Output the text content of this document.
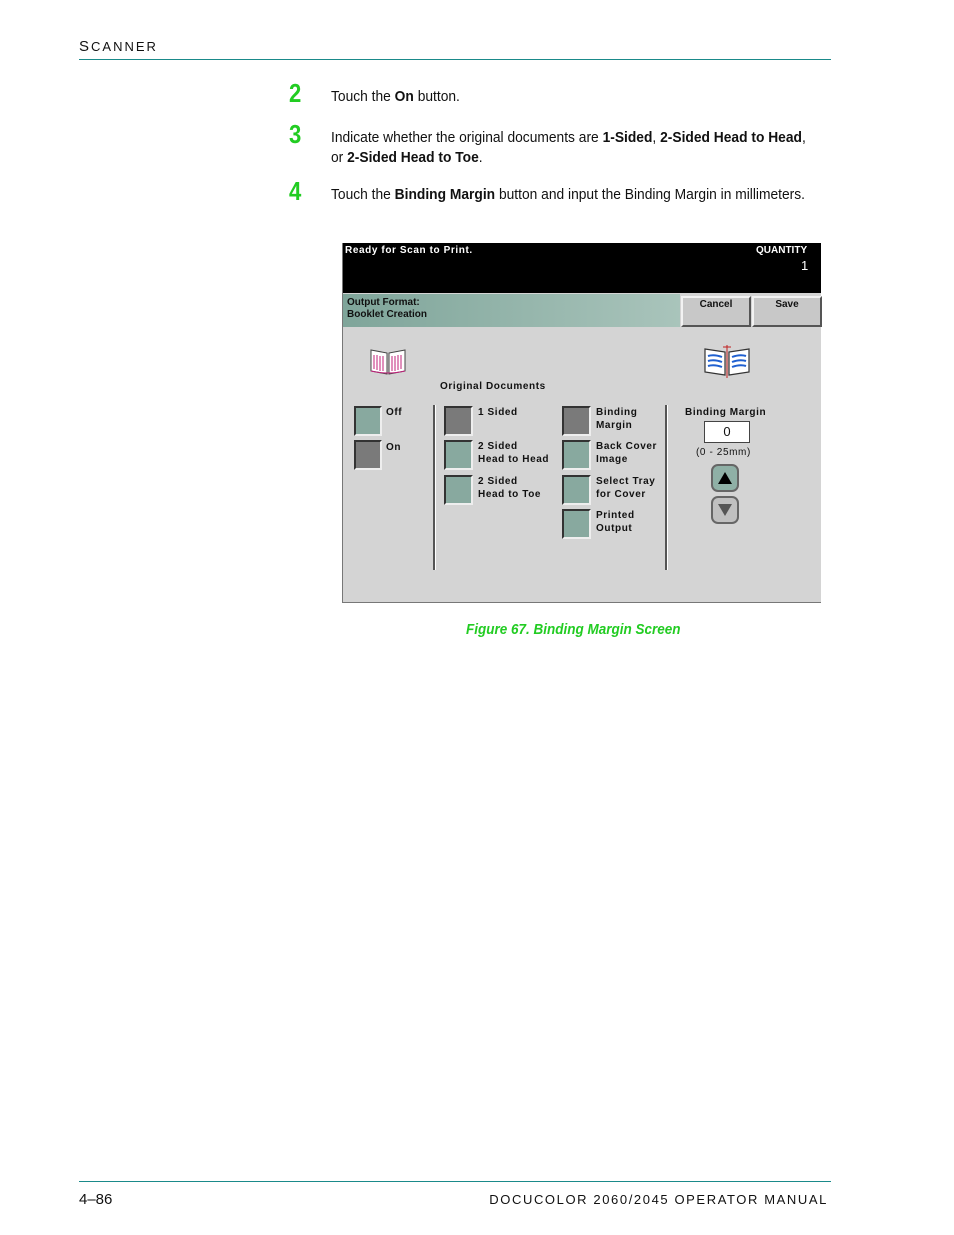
SCANNER
2 Touch the On button.
3 Indicate whether the original documents are 1-Sided, 2-Sided Head to Head,
or 2-Sided Head to Toe.
4 Touch the Binding Margin button and input the Binding Margin in millimeters.
Ready for Scan to Print.	QUANTITY
1
Output Format:
Booklet Creation
Cancel	Save
Original Documents
Off
On
1 Sided
2 Sided
Head to Head
2 Sided
Head to Toe
Binding
Margin
Back Cover
Image
Select Tray
for Cover
Printed
Output
Binding Margin
0
(0 - 25mm)
Figure 67. Binding Margin Screen
4–86	DOCUCOLOR 2060/2045 OPERATOR MANUAL
